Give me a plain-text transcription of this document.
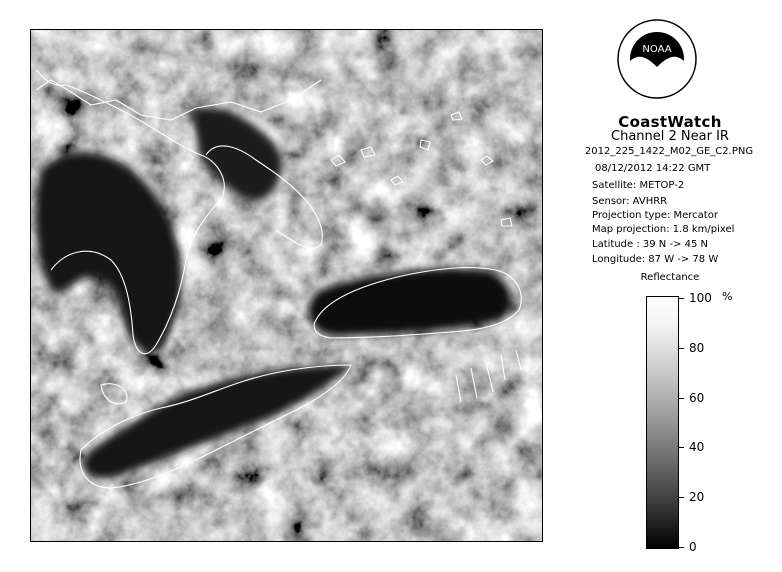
NOAA
CoastWatch
Channel 2 Near IR
2012_225_1422_M02_GE_C2.PNG
08/12/2012 14:22 GMT
Satellite: METOP-2
Sensor: AVHRR
Projection type: Mercator
Map projection: 1.8 km/pixel
Latitude : 39 N -> 45 N
Longitude: 87 W -> 78 W
Reflectance
%
100
80
60
40
20
0
